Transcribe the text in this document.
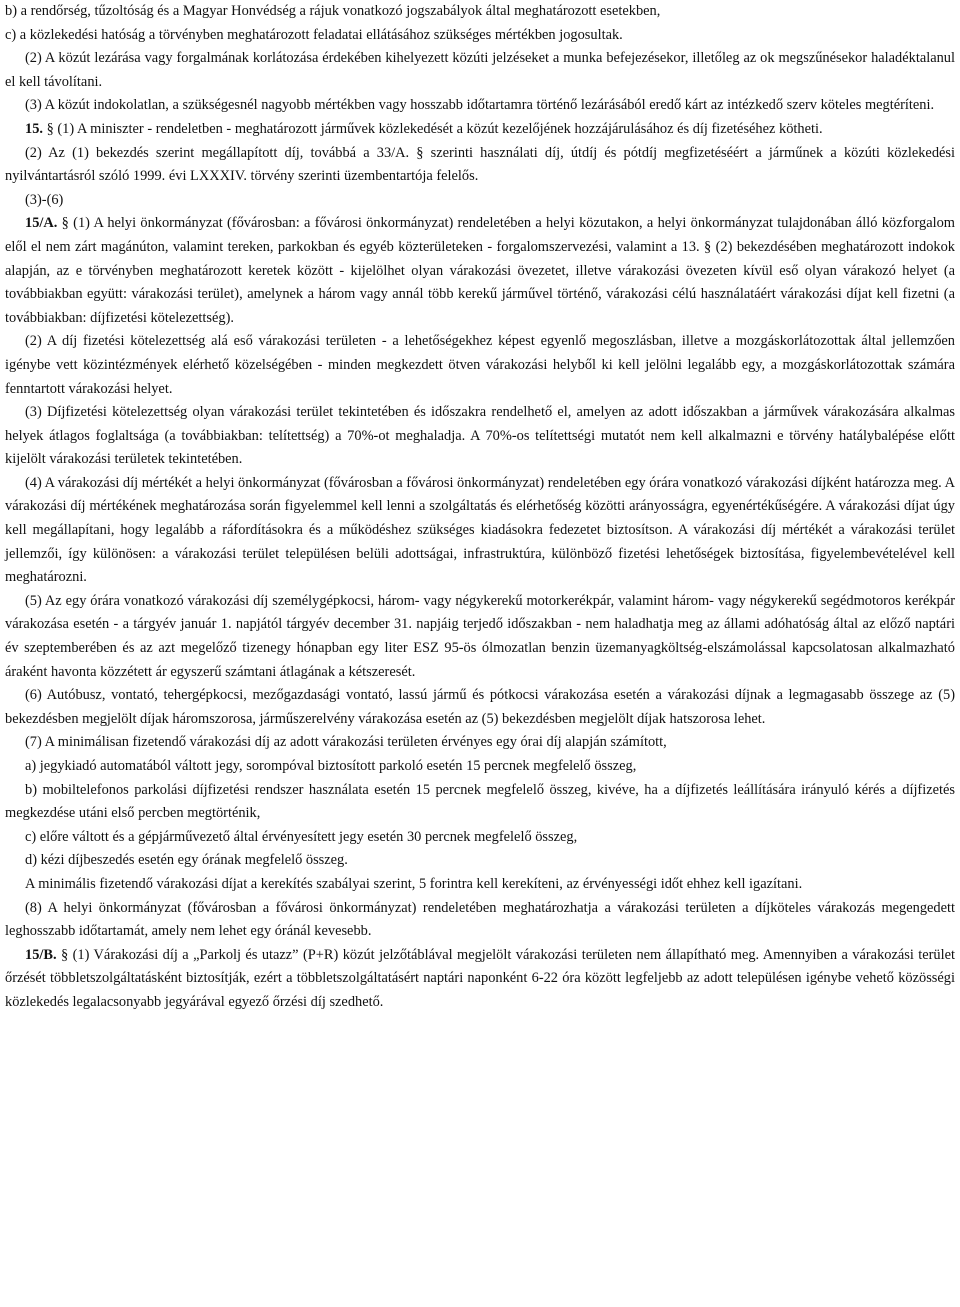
b) a rendőrség, tűzoltóság és a Magyar Honvédség a rájuk vonatkozó jogszabályok által meghatározott esetekben,

c) a közlekedési hatóság a törvényben meghatározott feladatai ellátásához szükséges mértékben jogosultak.

(2) A közút lezárása vagy forgalmának korlátozása érdekében kihelyezett közúti jelzéseket a munka befejezésekor, illetőleg az ok megszűnésekor haladéktalanul el kell távolítani.

(3) A közút indokolatlan, a szükségesnél nagyobb mértékben vagy hosszabb időtartamra történő lezárásából eredő kárt az intézkedő szerv köteles megtéríteni.

15. § (1) A miniszter - rendeletben - meghatározott járművek közlekedését a közút kezelőjének hozzájárulásához és díj fizetéséhez kötheti.

(2) Az (1) bekezdés szerint megállapított díj, továbbá a 33/A. § szerinti használati díj, útdíj és pótdíj megfizetéséért a járműnek a közúti közlekedési nyilvántartásról szóló 1999. évi LXXXIV. törvény szerinti üzembentartója felelős.

(3)-(6)

15/A. § (1) A helyi önkormányzat (fővárosban: a fővárosi önkormányzat) rendeletében a helyi közutakon, a helyi önkormányzat tulajdonában álló közforgalom elől el nem zárt magánúton, valamint tereken, parkokban és egyéb közterületeken - forgalomszervezési, valamint a 13. § (2) bekezdésében meghatározott indokok alapján, az e törvényben meghatározott keretek között - kijelölhet olyan várakozási övezetet, illetve várakozási övezeten kívül eső olyan várakozó helyet (a továbbiakban együtt: várakozási terület), amelynek a három vagy annál több kerekű járművel történő, várakozási célú használatáért várakozási díjat kell fizetni (a továbbiakban: díjfizetési kötelezettség).

(2) A díj fizetési kötelezettség alá eső várakozási területen - a lehetőségekhez képest egyenlő megoszlásban, illetve a mozgáskorlátozottak által jellemzően igénybe vett közintézmények elérhető közelségében - minden megkezdett ötven várakozási helyből ki kell jelölni legalább egy, a mozgáskorlátozottak számára fenntartott várakozási helyet.

(3) Díjfizetési kötelezettség olyan várakozási terület tekintetében és időszakra rendelhető el, amelyen az adott időszakban a járművek várakozására alkalmas helyek átlagos foglaltsága (a továbbiakban: telítettség) a 70%-ot meghaladja. A 70%-os telítettségi mutatót nem kell alkalmazni e törvény hatálybalépése előtt kijelölt várakozási területek tekintetében.

(4) A várakozási díj mértékét a helyi önkormányzat (fővárosban a fővárosi önkormányzat) rendeletében egy órára vonatkozó várakozási díjként határozza meg. A várakozási díj mértékének meghatározása során figyelemmel kell lenni a szolgáltatás és elérhetőség közötti arányosságra, egyenértékűségére. A várakozási díjat úgy kell megállapítani, hogy legalább a ráfordításokra és a működéshez szükséges kiadásokra fedezetet biztosítson. A várakozási díj mértékét a várakozási terület jellemzői, így különösen: a várakozási terület településen belüli adottságai, infrastruktúra, különböző fizetési lehetőségek biztosítása, figyelembevételével kell meghatározni.

(5) Az egy órára vonatkozó várakozási díj személygépkocsi, három- vagy négykerekű motorkerékpár, valamint három- vagy négykerekű segédmotoros kerékpár várakozása esetén - a tárgyév január 1. napjától tárgyév december 31. napjáig terjedő időszakban - nem haladhatja meg az állami adóhatóság által az előző naptári év szeptemberében és az azt megelőző tizenegy hónapban egy liter ESZ 95-ös ólmozatlan benzin üzemanyagköltség-elszámolással kapcsolatosan alkalmazható áraként havonta közzétett ár egyszerű számtani átlagának a kétszeresét.

(6) Autóbusz, vontató, tehergépkocsi, mezőgazdasági vontató, lassú jármű és pótkocsi várakozása esetén a várakozási díjnak a legmagasabb összege az (5) bekezdésben megjelölt díjak háromszorosa, járműszerelvény várakozása esetén az (5) bekezdésben megjelölt díjak hatszorosa lehet.

(7) A minimálisan fizetendő várakozási díj az adott várakozási területen érvényes egy órai díj alapján számított,

a) jegykiadó automatából váltott jegy, sorompóval biztosított parkoló esetén 15 percnek megfelelő összeg,

b) mobiltelefonos parkolási díjfizetési rendszer használata esetén 15 percnek megfelelő összeg, kivéve, ha a díjfizetés leállítására irányuló kérés a díjfizetés megkezdése utáni első percben megtörténik,

c) előre váltott és a gépjárművezető által érvényesített jegy esetén 30 percnek megfelelő összeg,

d) kézi díjbeszedés esetén egy órának megfelelő összeg.

A minimális fizetendő várakozási díjat a kerekítés szabályai szerint, 5 forintra kell kerekíteni, az érvényességi időt ehhez kell igazítani.

(8) A helyi önkormányzat (fővárosban a fővárosi önkormányzat) rendeletében meghatározhatja a várakozási területen a díjköteles várakozás megengedett leghosszabb időtartamát, amely nem lehet egy óránál kevesebb.

15/B. § (1) Várakozási díj a „Parkolj és utazz” (P+R) közút jelzőtáblával megjelölt várakozási területen nem állapítható meg. Amennyiben a várakozási terület őrzését többletszolgáltatásként biztosítják, ezért a többletszolgáltatásért naptári naponként 6-22 óra között legfeljebb az adott településen igénybe vehető közösségi közlekedés legalacsonyabb jegyárával egyező őrzési díj szedhető.
